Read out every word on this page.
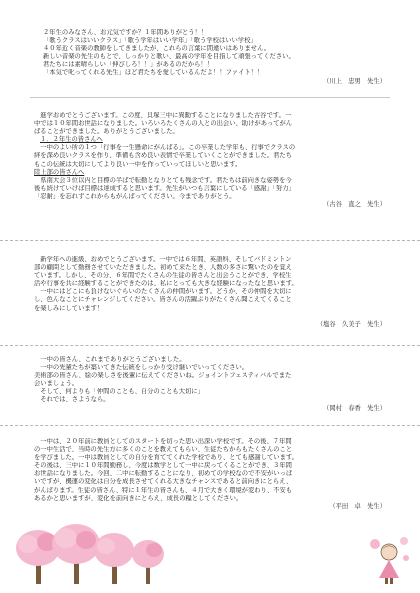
２年生のみなさん、お元気ですか？１年間ありがとう！！

「歌うクラスはいいクラス」「歌う学年はいい学年」「歌う学校はいい学校」

４０年近く音楽の教師をしてきましたが、これらの言葉に間違いはありません。

新しい音楽の先生のもとで、しっかりと歌い、最高の学年を目指して頑張ってください。

君たちには素晴らしい「伸びしろ！！」があるのだから！！

「本気で叱ってくれる先生」ほど君たちを愛しているんだよ！！ファイト！！

（川上　忠男　先生）

進学おめでとうございます。この度、貝塚三中に異動することになりました古谷です。一

中では１０年間お世話になりました。いろいろたくさんの人との出会い、助けがあってがん

ばることができました。ありがとうございました。

１．２年生の皆さんへ

一中のよい所の１つ「行事を一生懸命にがんばる」。この卒業した学年も、行事でクラスの

絆を深め良いクラスを作り、準備も含め良い表情で卒業していくことができました。君たち

もこの伝統は大切にしてより良い一中を作っていってほしいと思います。

陸上部の皆さんへ

県南大会３位以内と目標の半ばで転勤となりとても残念です。君たちは前向きな姿勢を今

後も続けていけば目標は達成すると思います。先生がいつも言葉にしている「感謝」「努力」

「忍耐」を忘れずこれからもがんばってください。今までありがとう。

（古谷　直之　先生）

新学年への進級、おめでとうございます。一中では６年間、英語科、そしてバドミントン

部の顧問として勤務させていただきました。初めて来たとき、人数の多さに驚いたのを覚え

ています。しかし、その分、６年間でたくさんの生徒の皆さんと出会うことができ、学校生

活や行事を共に経験することができたのは、私にとっても大きな経験になったなと思います。

一中にはどこにも負けないぐらいのたくさんの仲間がいます。どうか、その仲間を大切に

し、色んなことにチャレンジしてください。皆さんの活躍ぶりがたくさん聞こえてくること

を楽しみにしています！

（塩谷　久美子　先生）

一中の皆さん、これまでありがとうございました。

一中の先輩たちが築いてきた伝統をしっかり受け継いでいってください。

美術部の皆さん、絵の楽しさを後輩に伝えてくださいね。ジョイントフェスティバルでまた

会いましょう。

そして、何よりも「仲間のことも、自分のことも大切に」

それでは、さようなら。

（岡村　春香　先生）

一中は、２０年前に教員としてのスタートを切った思い出深い学校です。その後、７年間

の一中生活で、当時の先生方に多くのことを教えてもらい、生徒たちからもたくさんのこと

を学びました。一中は教員としての自分を育ててくれた学校であり、とても感謝しています。

その後は、三中に１０年間勤務し、今度は数学として一中に戻ってくることができ、３年間

お世話になりました。今回、二中に転勤することになり、初めての学校なので不安がいっぱ

いですが、機運の変化は自分を成長させてくれる大きなチャンスであると前向きにとらえ、

がんばります。生徒の皆さん、特に１年生の皆さんも、４月で大きく環境が変わり、不安も

あるかと思いますが、変化を前向きにとらえ、成長の糧としてください。

（平田　卓　先生）
